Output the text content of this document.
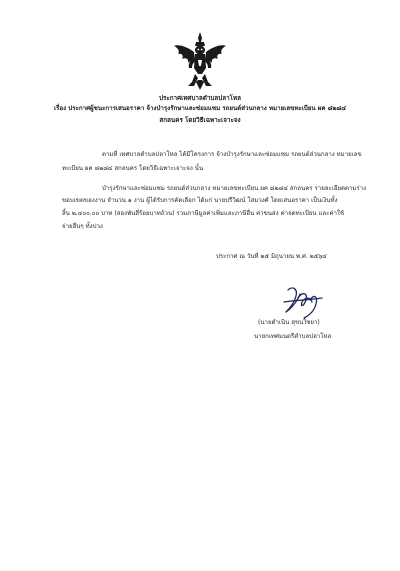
ประกาศเทศบาลตำบลปลาโหล
เรื่อง ประกาศผู้ชนะการเสนอราคา จ้างบำรุงรักษาและซ่อมแซม รถยนต์ส่วนกลาง หมายเลขทะเบียน ผค ๘๒๘๔
สกลนคร โดยวิธีเฉพาะเจาะจง
ตามที่ เทศบาลตำบลปลาโหล ได้มีโครงการ จ้างบำรุงรักษาและซ่อมแซม รถยนต์ส่วนกลาง หมายเลข
ทะเบียน ผค ๘๒๘๔ สกลนคร โดยวิธีเฉพาะเจาะจง นั้น
บำรุงรักษาและซ่อมแซม รถยนต์ส่วนกลาง หมายเลขทะเบียน ผค ๘๒๘๔ สกลนคร รายละเอียดตามร่าง
ขอบเขตของงาน จำนวน ๑ งาน ผู้ได้รับการคัดเลือก ได้แก่ นายปรีวิฒน์ โสมวงศ์ โดยเสนอราคา เป็นเงินทั้ง
สิ้น ๒,๔๐๐.๐๐ บาท (สองพันสี่ร้อยบาทถ้วน) รวมภาษีมูลค่าเพิ่มและภาษีอื่น ค่าขนส่ง ค่าจดทะเบียน และค่าใช้
จ่ายอื่นๆ ทั้งปวง
ประกาศ ณ วันที่ ๒๕ มิถุนายน พ.ศ. ๒๕๖๔
(นายดำเนิน สุขนใชยา)
นายกเทศมนตรีตำบลปลาโหล
